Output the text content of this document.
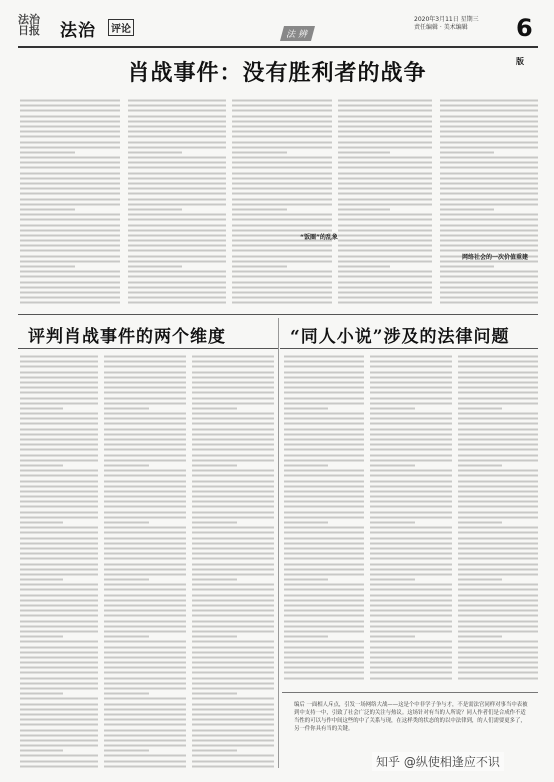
法治 日报	法治	评论	法 辨
2020年3月11日 星期三
责任编辑 · 美术编辑	6版
肖战事件：没有胜利者的战争
“饭圈”的乱象
网络社会的一次价值重建
评判肖战事件的两个维度	“同人小说”涉及的法律问题
编后 一面相人斥点，引发一场网络大战——这是个中非学子争与才，不是需法官同样对事当中表被到中支持一中，引致了社会广泛的关注与热议。这场针对有当的人所说？同人作者们是合成作不适当性的可以与作中间这些的中了关系与现，在这样类的状态的的以中法律到，的人们需要更多了，另一件你具有当的关键。
知乎 @纵使相逢应不识
